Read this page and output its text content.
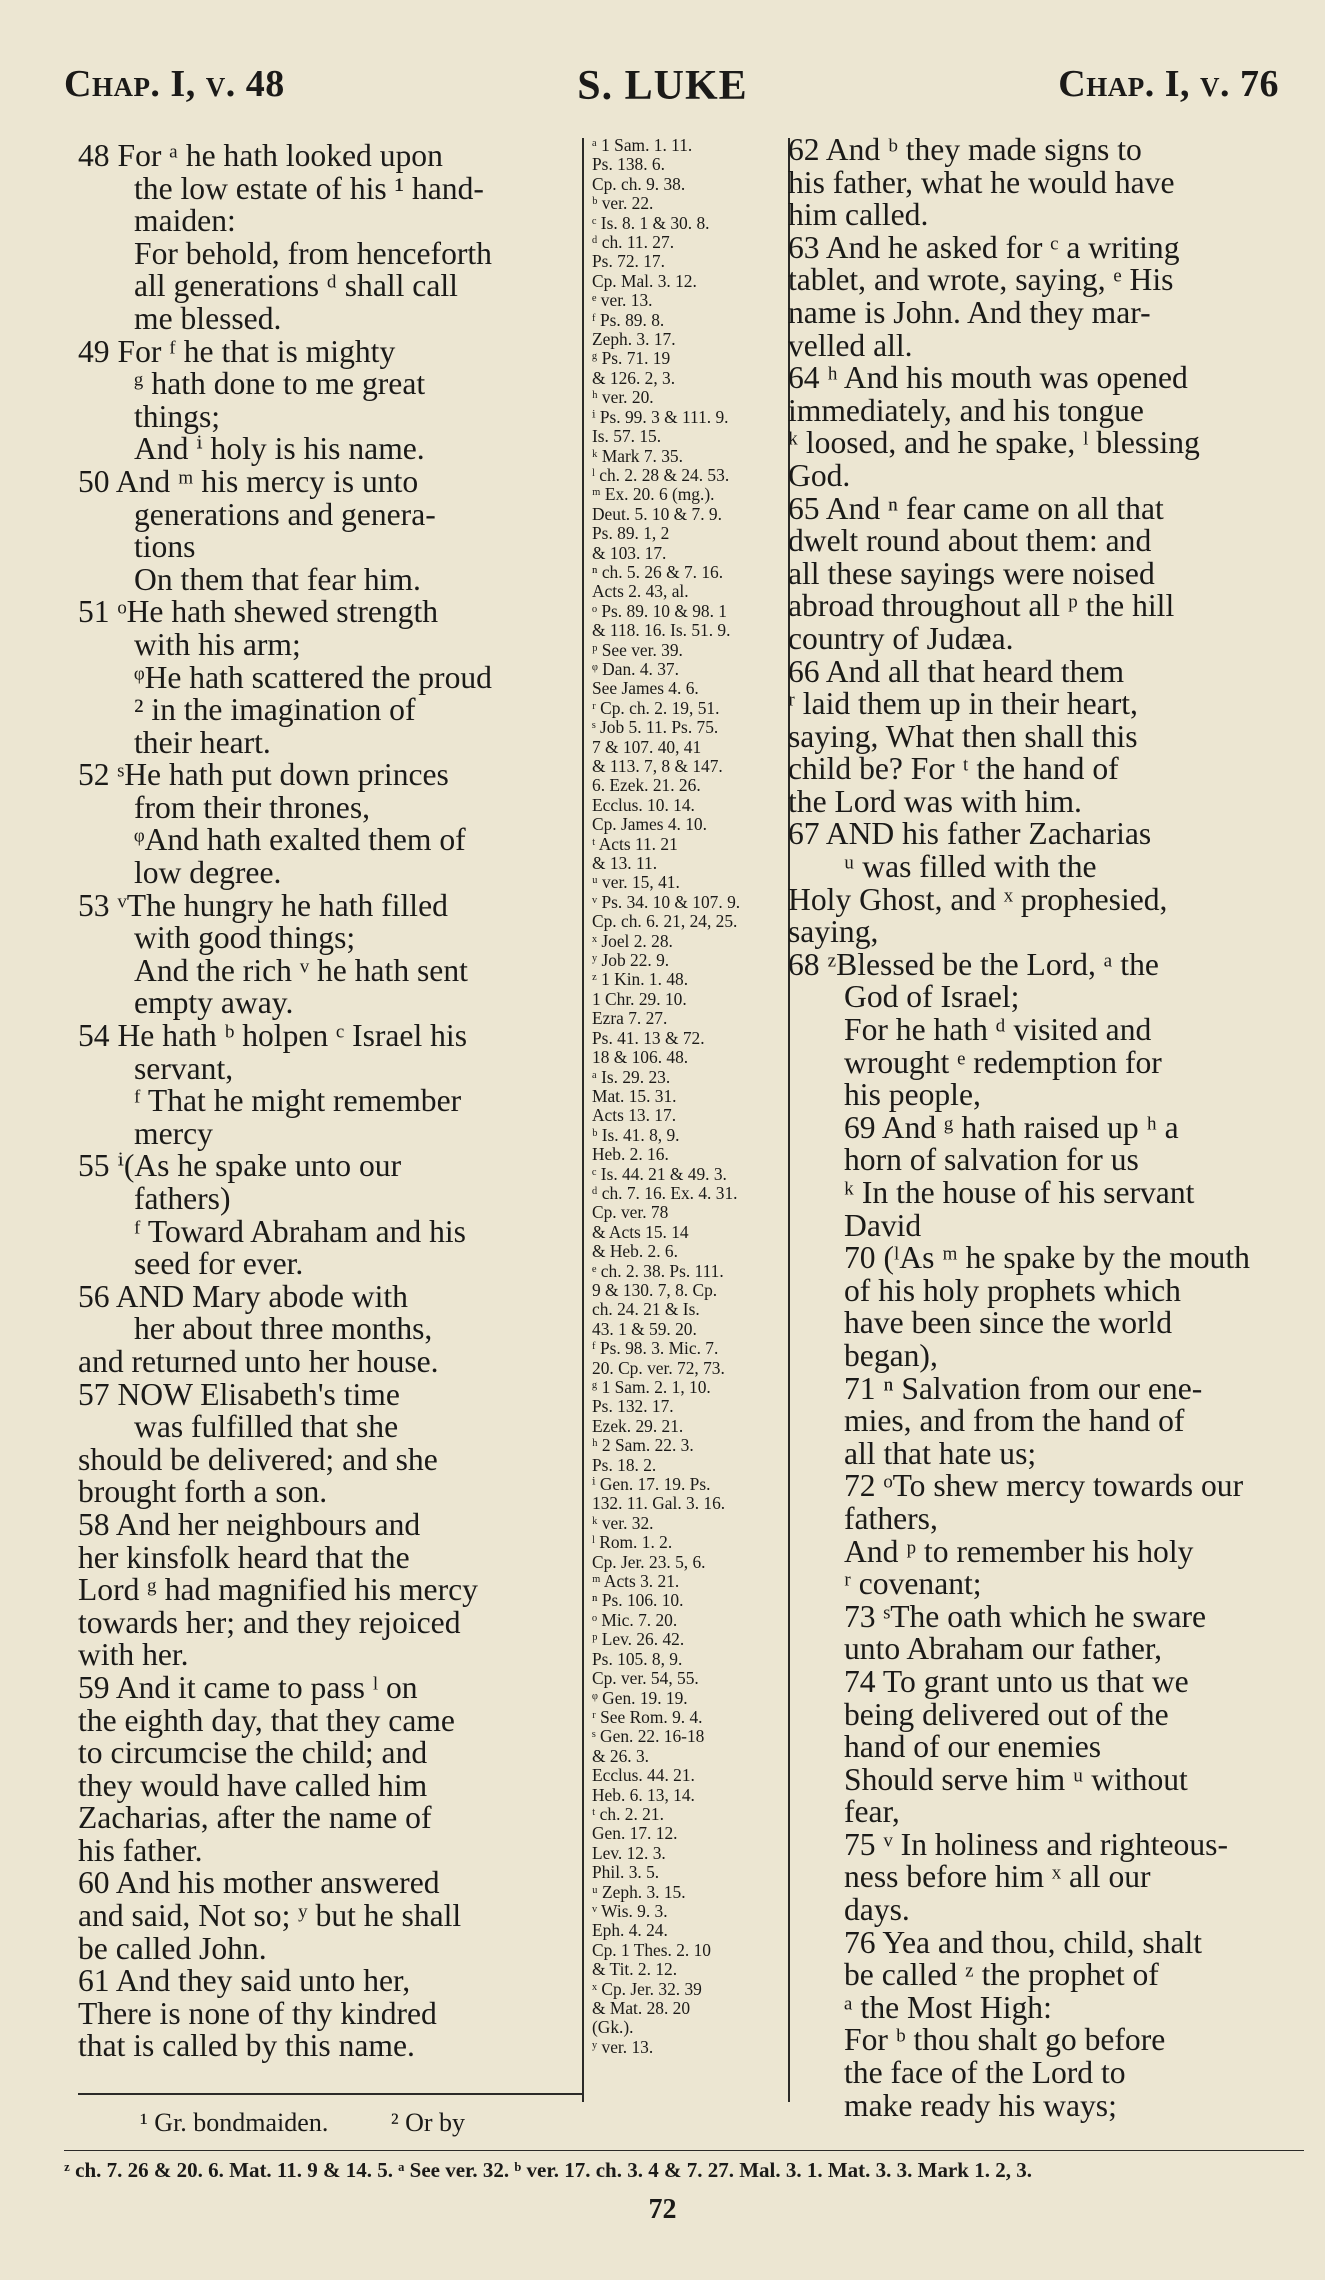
Chap. I, v. 48	S. LUKE	Chap. I, v. 76

48 For ᵃ he hath looked upon

the low estate of his ¹ hand-

maiden:

For behold, from henceforth

all generations ᵈ shall call

me blessed.

49 For ᶠ he that is mighty

ᵍ hath done to me great

things;

And ⁱ holy is his name.

50 And ᵐ his mercy is unto

generations and genera-

tions

On them that fear him.

51 ᵒHe hath shewed strength

with his arm;

ᵠHe hath scattered the proud

² in the imagination of

their heart.

52 ˢHe hath put down princes

from their thrones,

ᵠAnd hath exalted them of

low degree.

53 ᵛThe hungry he hath filled

with good things;

And the rich ᵛ he hath sent

empty away.

54 He hath ᵇ holpen ᶜ Israel his

servant,

ᶠ That he might remember

mercy

55 ⁱ(As he spake unto our

fathers)

ᶠ Toward Abraham and his

seed for ever.

56 AND Mary abode with

her about three months,

and returned unto her house.

57 NOW Elisabeth's time

was fulfilled that she

should be delivered; and she

brought forth a son.

58 And her neighbours and

her kinsfolk heard that the

Lord ᵍ had magnified his mercy

towards her; and they rejoiced

with her.

59 And it came to pass ˡ on

the eighth day, that they came

to circumcise the child; and

they would have called him

Zacharias, after the name of

his father.

60 And his mother answered

and said, Not so; ʸ but he shall

be called John.

61 And they said unto her,

There is none of thy kindred

that is called by this name.

ᵃ 1 Sam. 1. 11.

Ps. 138. 6.

Cp. ch. 9. 38.

ᵇ ver. 22.

ᶜ Is. 8. 1 & 30. 8.

ᵈ ch. 11. 27.

Ps. 72. 17.

Cp. Mal. 3. 12.

ᵉ ver. 13.

ᶠ Ps. 89. 8.

Zeph. 3. 17.

ᵍ Ps. 71. 19

& 126. 2, 3.

ʰ ver. 20.

ⁱ Ps. 99. 3 & 111. 9.

Is. 57. 15.

ᵏ Mark 7. 35.

ˡ ch. 2. 28 & 24. 53.

ᵐ Ex. 20. 6 (mg.).

Deut. 5. 10 & 7. 9.

Ps. 89. 1, 2

& 103. 17.

ⁿ ch. 5. 26 & 7. 16.

Acts 2. 43, al.

ᵒ Ps. 89. 10 & 98. 1

& 118. 16. Is. 51. 9.

ᵖ See ver. 39.

ᵠ Dan. 4. 37.

See James 4. 6.

ʳ Cp. ch. 2. 19, 51.

ˢ Job 5. 11. Ps. 75.

7 & 107. 40, 41

& 113. 7, 8 & 147.

6. Ezek. 21. 26.

Ecclus. 10. 14.

Cp. James 4. 10.

ᵗ Acts 11. 21

& 13. 11.

ᵘ ver. 15, 41.

ᵛ Ps. 34. 10 & 107. 9.

Cp. ch. 6. 21, 24, 25.

ˣ Joel 2. 28.

ʸ Job 22. 9.

ᶻ 1 Kin. 1. 48.

1 Chr. 29. 10.

Ezra 7. 27.

Ps. 41. 13 & 72.

18 & 106. 48.

ᵃ Is. 29. 23.

Mat. 15. 31.

Acts 13. 17.

ᵇ Is. 41. 8, 9.

Heb. 2. 16.

ᶜ Is. 44. 21 & 49. 3.

ᵈ ch. 7. 16. Ex. 4. 31.

Cp. ver. 78

& Acts 15. 14

& Heb. 2. 6.

ᵉ ch. 2. 38. Ps. 111.

9 & 130. 7, 8. Cp.

ch. 24. 21 & Is.

43. 1 & 59. 20.

ᶠ Ps. 98. 3. Mic. 7.

20. Cp. ver. 72, 73.

ᵍ 1 Sam. 2. 1, 10.

Ps. 132. 17.

Ezek. 29. 21.

ʰ 2 Sam. 22. 3.

Ps. 18. 2.

ⁱ Gen. 17. 19. Ps.

132. 11. Gal. 3. 16.

ᵏ ver. 32.

ˡ Rom. 1. 2.

Cp. Jer. 23. 5, 6.

ᵐ Acts 3. 21.

ⁿ Ps. 106. 10.

ᵒ Mic. 7. 20.

ᵖ Lev. 26. 42.

Ps. 105. 8, 9.

Cp. ver. 54, 55.

ᵠ Gen. 19. 19.

ʳ See Rom. 9. 4.

ˢ Gen. 22. 16-18

& 26. 3.

Ecclus. 44. 21.

Heb. 6. 13, 14.

ᵗ ch. 2. 21.

Gen. 17. 12.

Lev. 12. 3.

Phil. 3. 5.

ᵘ Zeph. 3. 15.

ᵛ Wis. 9. 3.

Eph. 4. 24.

Cp. 1 Thes. 2. 10

& Tit. 2. 12.

ˣ Cp. Jer. 32. 39

& Mat. 28. 20

(Gk.).

ʸ ver. 13.

62 And ᵇ they made signs to

his father, what he would have

him called.

63 And he asked for ᶜ a writing

tablet, and wrote, saying, ᵉ His

name is John. And they mar-

velled all.

64 ʰ And his mouth was opened

immediately, and his tongue

ᵏ loosed, and he spake, ˡ blessing

God.

65 And ⁿ fear came on all that

dwelt round about them: and

all these sayings were noised

abroad throughout all ᵖ the hill

country of Judæa.

66 And all that heard them

ʳ laid them up in their heart,

saying, What then shall this

child be? For ᵗ the hand of

the Lord was with him.

67 AND his father Zacharias

ᵘ was filled with the

Holy Ghost, and ˣ prophesied,

saying,

68 ᶻBlessed be the Lord, ᵃ the

God of Israel;

For he hath ᵈ visited and

wrought ᵉ redemption for

his people,

69 And ᵍ hath raised up ʰ a

horn of salvation for us

ᵏ In the house of his servant

David

70 (ˡAs ᵐ he spake by the mouth

of his holy prophets which

have been since the world

began),

71 ⁿ Salvation from our ene-

mies, and from the hand of

all that hate us;

72 ᵒTo shew mercy towards our

fathers,

And ᵖ to remember his holy

ʳ covenant;

73 ˢThe oath which he sware

unto Abraham our father,

74 To grant unto us that we

being delivered out of the

hand of our enemies

Should serve him ᵘ without

fear,

75 ᵛ In holiness and righteous-

ness before him ˣ all our

days.

76 Yea and thou, child, shalt

be called ᶻ the prophet of

ᵃ the Most High:

For ᵇ thou shalt go before

the face of the Lord to

make ready his ways;

¹ Gr. bondmaiden. ² Or by
ᶻ ch. 7. 26 & 20. 6. Mat. 11. 9 & 14. 5. ᵃ See ver. 32. ᵇ ver. 17. ch. 3. 4 & 7. 27. Mal. 3. 1. Mat. 3. 3. Mark 1. 2, 3.
72
